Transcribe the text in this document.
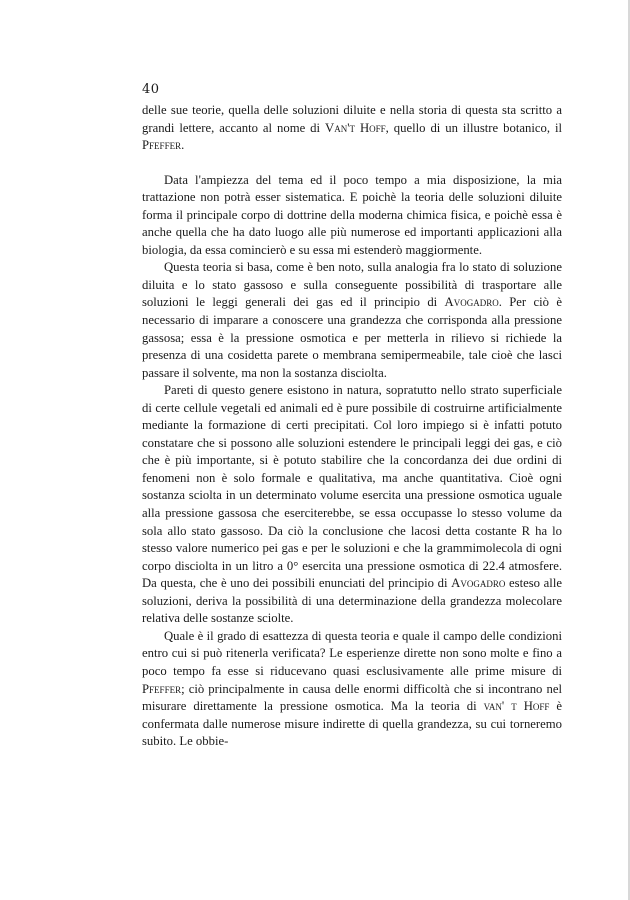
40

delle sue teorie, quella delle soluzioni diluite e nella storia di questa sta scritto a grandi lettere, accanto al nome di Van't Hoff, quello di un illustre botanico, il Pfeffer.

Data l'ampiezza del tema ed il poco tempo a mia disposizione, la mia trattazione non potrà esser sistematica. E poichè la teoria delle soluzioni diluite forma il principale corpo di dottrine della moderna chimica fisica, e poichè essa è anche quella che ha dato luogo alle più numerose ed importanti applicazioni alla biologia, da essa comincierò e su essa mi estenderò maggiormente.

Questa teoria si basa, come è ben noto, sulla analogia fra lo stato di soluzione diluita e lo stato gassoso e sulla conseguente possibilità di trasportare alle soluzioni le leggi generali dei gas ed il principio di Avogadro. Per ciò è necessario di imparare a conoscere una grandezza che corrisponda alla pressione gassosa; essa è la pressione osmotica e per metterla in rilievo si richiede la presenza di una cosidetta parete o membrana semipermeabile, tale cioè che lasci passare il solvente, ma non la sostanza disciolta.

Pareti di questo genere esistono in natura, sopratutto nello strato superficiale di certe cellule vegetali ed animali ed è pure possibile di costruirne artificialmente mediante la formazione di certi precipitati. Col loro impiego si è infatti potuto constatare che si possono alle soluzioni estendere le principali leggi dei gas, e ciò che è più importante, si è potuto stabilire che la concordanza dei due ordini di fenomeni non è solo formale e qualitativa, ma anche quantitativa. Cioè ogni sostanza sciolta in un determinato volume esercita una pressione osmotica uguale alla pressione gassosa che eserciterebbe, se essa occupasse lo stesso volume da sola allo stato gassoso. Da ciò la conclusione che lacosi detta costante R ha lo stesso valore numerico pei gas e per le soluzioni e che la grammimolecola di ogni corpo disciolta in un litro a 0° esercita una pressione osmotica di 22.4 atmosfere. Da questa, che è uno dei possibili enunciati del principio di Avogadro esteso alle soluzioni, deriva la possibilità di una determinazione della grandezza molecolare relativa delle sostanze sciolte.

Quale è il grado di esattezza di questa teoria e quale il campo delle condizioni entro cui si può ritenerla verificata? Le esperienze dirette non sono molte e fino a poco tempo fa esse si riducevano quasi esclusivamente alle prime misure di Pfeffer; ciò principalmente in causa delle enormi difficoltà che si incontrano nel misurare direttamente la pressione osmotica. Ma la teoria di van' t Hoff è confermata dalle numerose misure indirette di quella grandezza, su cui torneremo subito. Le obbie-
